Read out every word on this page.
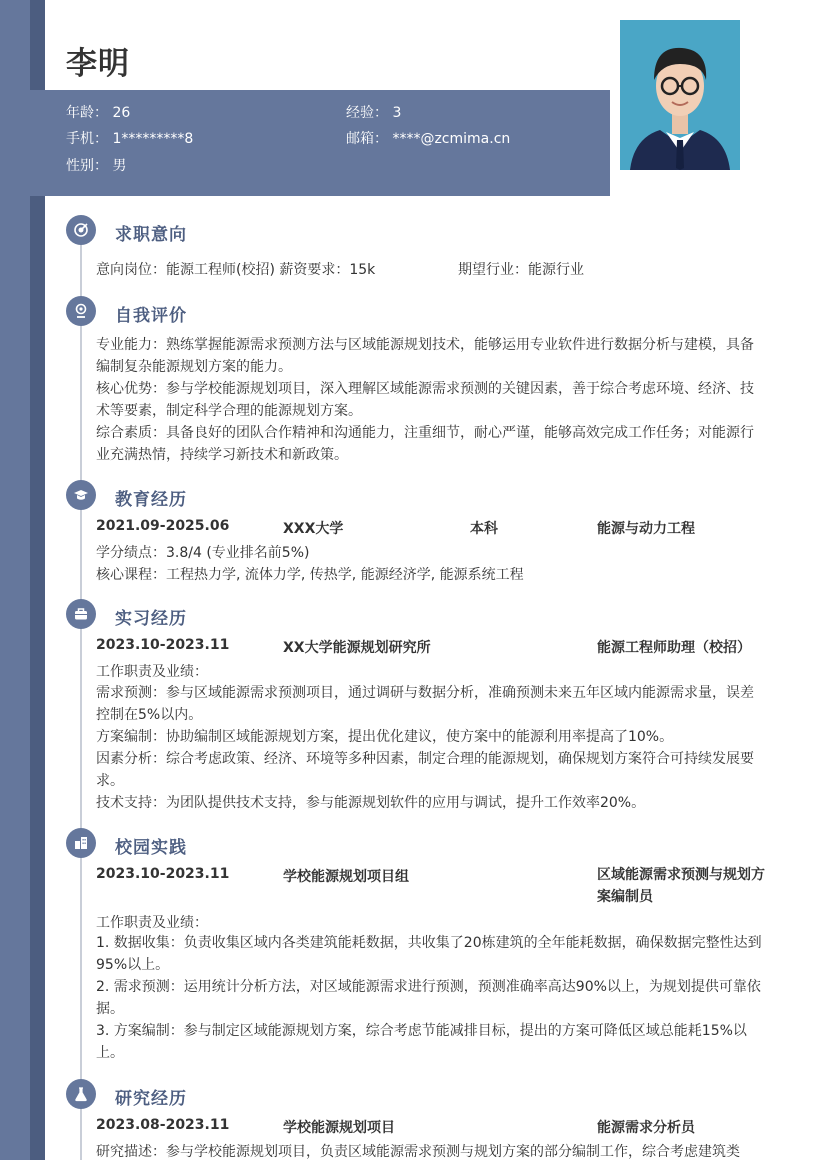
李明
年龄： 26	经验： 3
手机： 1*********8	邮箱： ****@zcmima.cn
性别： 男
求职意向
意向岗位：能源工程师(校招) 薪资要求：15k	期望行业：能源行业
自我评价
专业能力：熟练掌握能源需求预测方法与区域能源规划技术，能够运用专业软件进行数据分析与建模，具备编制复杂能源规划方案的能力。
核心优势：参与学校能源规划项目，深入理解区域能源需求预测的关键因素，善于综合考虑环境、经济、技术等要素，制定科学合理的能源规划方案。
综合素质：具备良好的团队合作精神和沟通能力，注重细节，耐心严谨，能够高效完成工作任务；对能源行业充满热情，持续学习新技术和新政策。
教育经历
2021.09-2025.06	XXX大学	本科	能源与动力工程
学分绩点：3.8/4 (专业排名前5%)
核心课程：工程热力学, 流体力学, 传热学, 能源经济学, 能源系统工程
实习经历
2023.10-2023.11	XX大学能源规划研究所	能源工程师助理（校招）
工作职责及业绩：
需求预测：参与区域能源需求预测项目，通过调研与数据分析，准确预测未来五年区域内能源需求量，误差控制在5%以内。
方案编制：协助编制区域能源规划方案，提出优化建议，使方案中的能源利用率提高了10%。
因素分析：综合考虑政策、经济、环境等多种因素，制定合理的能源规划，确保规划方案符合可持续发展要求。
技术支持：为团队提供技术支持，参与能源规划软件的应用与调试，提升工作效率20%。
校园实践
2023.10-2023.11	学校能源规划项目组	区域能源需求预测与规划方案编制员
工作职责及业绩：
1. 数据收集：负责收集区域内各类建筑能耗数据，共收集了20栋建筑的全年能耗数据，确保数据完整性达到95%以上。
2. 需求预测：运用统计分析方法，对区域能源需求进行预测，预测准确率高达90%以上，为规划提供可靠依据。
3. 方案编制：参与制定区域能源规划方案，综合考虑节能减排目标，提出的方案可降低区域总能耗15%以上。
研究经历
2023.08-2023.11	学校能源规划项目	能源需求分析员
研究描述：参与学校能源规划项目，负责区域能源需求预测与规划方案的部分编制工作，综合考虑建筑类
